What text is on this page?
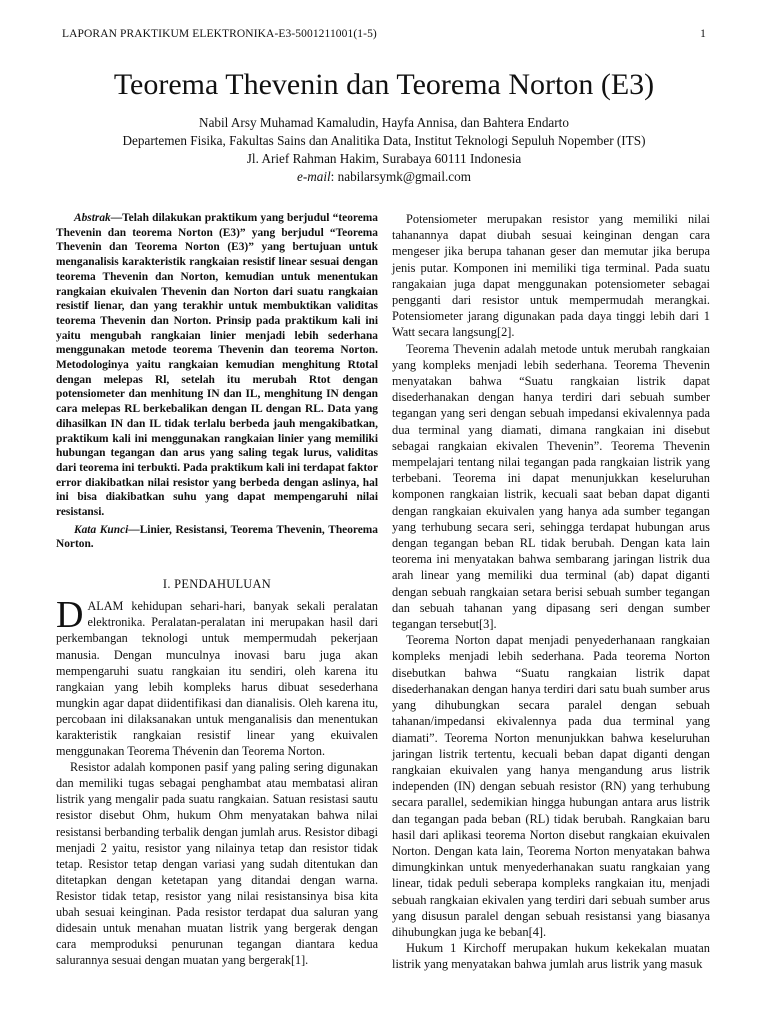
LAPORAN PRAKTIKUM ELEKTRONIKA-E3-5001211001(1-5)	1
Teorema Thevenin dan Teorema Norton (E3)
Nabil Arsy Muhamad Kamaludin, Hayfa Annisa, dan Bahtera Endarto
Departemen Fisika, Fakultas Sains dan Analitika Data, Institut Teknologi Sepuluh Nopember (ITS)
Jl. Arief Rahman Hakim, Surabaya 60111 Indonesia
e-mail: nabilarsymk@gmail.com

Abstrak—Telah dilakukan praktikum yang berjudul “teorema Thevenin dan teorema Norton (E3)” yang berjudul “Teorema Thevenin dan Teorema Norton (E3)” yang bertujuan untuk menganalisis karakteristik rangkaian resistif linear sesuai dengan teorema Thevenin dan Norton, kemudian untuk menentukan rangkaian ekuivalen Thevenin dan Norton dari suatu rangkaian resistif lienar, dan yang terakhir untuk membuktikan validitas teorema Thevenin dan Norton. Prinsip pada praktikum kali ini yaitu mengubah rangkaian linier menjadi lebih sederhana menggunakan metode teorema Thevenin dan teorema Norton. Metodologinya yaitu rangkaian kemudian menghitung Rtotal dengan melepas Rl, setelah itu merubah Rtot dengan potensiometer dan menhitung IN dan IL, menghitung IN dengan cara melepas RL berkebalikan dengan IL dengan RL. Data yang dihasilkan IN dan IL tidak terlalu berbeda jauh mengakibatkan, praktikum kali ini menggunakan rangkaian linier yang memiliki hubungan tegangan dan arus yang saling tegak lurus, validitas dari teorema ini terbukti. Pada praktikum kali ini terdapat faktor error diakibatkan nilai resistor yang berbeda dengan aslinya, hal ini bisa diakibatkan suhu yang dapat mempengaruhi nilai resistansi.

Kata Kunci—Linier, Resistansi, Teorema Thevenin, Theorema Norton.

I. PENDAHULUAN

DALAM kehidupan sehari-hari, banyak sekali peralatan elektronika. Peralatan-peralatan ini merupakan hasil dari perkembangan teknologi untuk mempermudah pekerjaan manusia. Dengan munculnya inovasi baru juga akan mempengaruhi suatu rangkaian itu sendiri, oleh karena itu rangkaian yang lebih kompleks harus dibuat sesederhana mungkin agar dapat diidentifikasi dan dianalisis. Oleh karena itu, percobaan ini dilaksanakan untuk menganalisis dan menentukan karakteristik rangkaian resistif linear yang ekuivalen menggunakan Teorema Thévenin dan Teorema Norton.

Resistor adalah komponen pasif yang paling sering digunakan dan memiliki tugas sebagai penghambat atau membatasi aliran listrik yang mengalir pada suatu rangkaian. Satuan resistasi sautu resistor disebut Ohm, hukum Ohm menyatakan bahwa nilai resistansi berbanding terbalik dengan jumlah arus. Resistor dibagi menjadi 2 yaitu, resistor yang nilainya tetap dan resistor tidak tetap. Resistor tetap dengan variasi yang sudah ditentukan dan ditetapkan dengan ketetapan yang ditandai dengan warna. Resistor tidak tetap, resistor yang nilai resistansinya bisa kita ubah sesuai keinginan. Pada resistor terdapat dua saluran yang didesain untuk menahan muatan listrik yang bergerak dengan cara memproduksi penurunan tegangan diantara kedua salurannya sesuai dengan muatan yang bergerak[1].

Potensiometer merupakan resistor yang memiliki nilai tahanannya dapat diubah sesuai keinginan dengan cara mengeser jika berupa tahanan geser dan memutar jika berupa jenis putar. Komponen ini memiliki tiga terminal. Pada suatu rangakaian juga dapat menggunakan potensiometer sebagai pengganti dari resistor untuk mempermudah merangkai. Potensiometer jarang digunakan pada daya tinggi lebih dari 1 Watt secara langsung[2].

Teorema Thevenin adalah metode untuk merubah rangkaian yang kompleks menjadi lebih sederhana. Teorema Thevenin menyatakan bahwa “Suatu rangkaian listrik dapat disederhanakan dengan hanya terdiri dari sebuah sumber tegangan yang seri dengan sebuah impedansi ekivalennya pada dua terminal yang diamati, dimana rangkaian ini disebut sebagai rangkaian ekivalen Thevenin”. Teorema Thevenin mempelajari tentang nilai tegangan pada rangkaian listrik yang terbebani. Teorema ini dapat menunjukkan keseluruhan komponen rangkaian listrik, kecuali saat beban dapat diganti dengan rangkaian ekuivalen yang hanya ada sumber tegangan yang terhubung secara seri, sehingga terdapat hubungan arus dengan tegangan beban RL tidak berubah. Dengan kata lain teorema ini menyatakan bahwa sembarang jaringan listrik dua arah linear yang memiliki dua terminal (ab) dapat diganti dengan sebuah rangkaian setara berisi sebuah sumber tegangan dan sebuah tahanan yang dipasang seri dengan sumber tegangan tersebut[3].

Teorema Norton dapat menjadi penyederhanaan rangkaian kompleks menjadi lebih sederhana. Pada teorema Norton disebutkan bahwa “Suatu rangkaian listrik dapat disederhanakan dengan hanya terdiri dari satu buah sumber arus yang dihubungkan secara paralel dengan sebuah tahanan/impedansi ekivalennya pada dua terminal yang diamati”. Teorema Norton menunjukkan bahwa keseluruhan jaringan listrik tertentu, kecuali beban dapat diganti dengan rangkaian ekuivalen yang hanya mengandung arus listrik independen (IN) dengan sebuah resistor (RN) yang terhubung secara parallel, sedemikian hingga hubungan antara arus listrik dan tegangan pada beban (RL) tidak berubah. Rangkaian baru hasil dari aplikasi teorema Norton disebut rangkaian ekuivalen Norton. Dengan kata lain, Teorema Norton menyatakan bahwa dimungkinkan untuk menyederhanakan suatu rangkaian yang linear, tidak peduli seberapa kompleks rangkaian itu, menjadi sebuah rangkaian ekivalen yang terdiri dari sebuah sumber arus yang disusun paralel dengan sebuah resistansi yang biasanya dihubungkan juga ke beban[4].

Hukum 1 Kirchoff merupakan hukum kekekalan muatan listrik yang menyatakan bahwa jumlah arus listrik yang masuk
